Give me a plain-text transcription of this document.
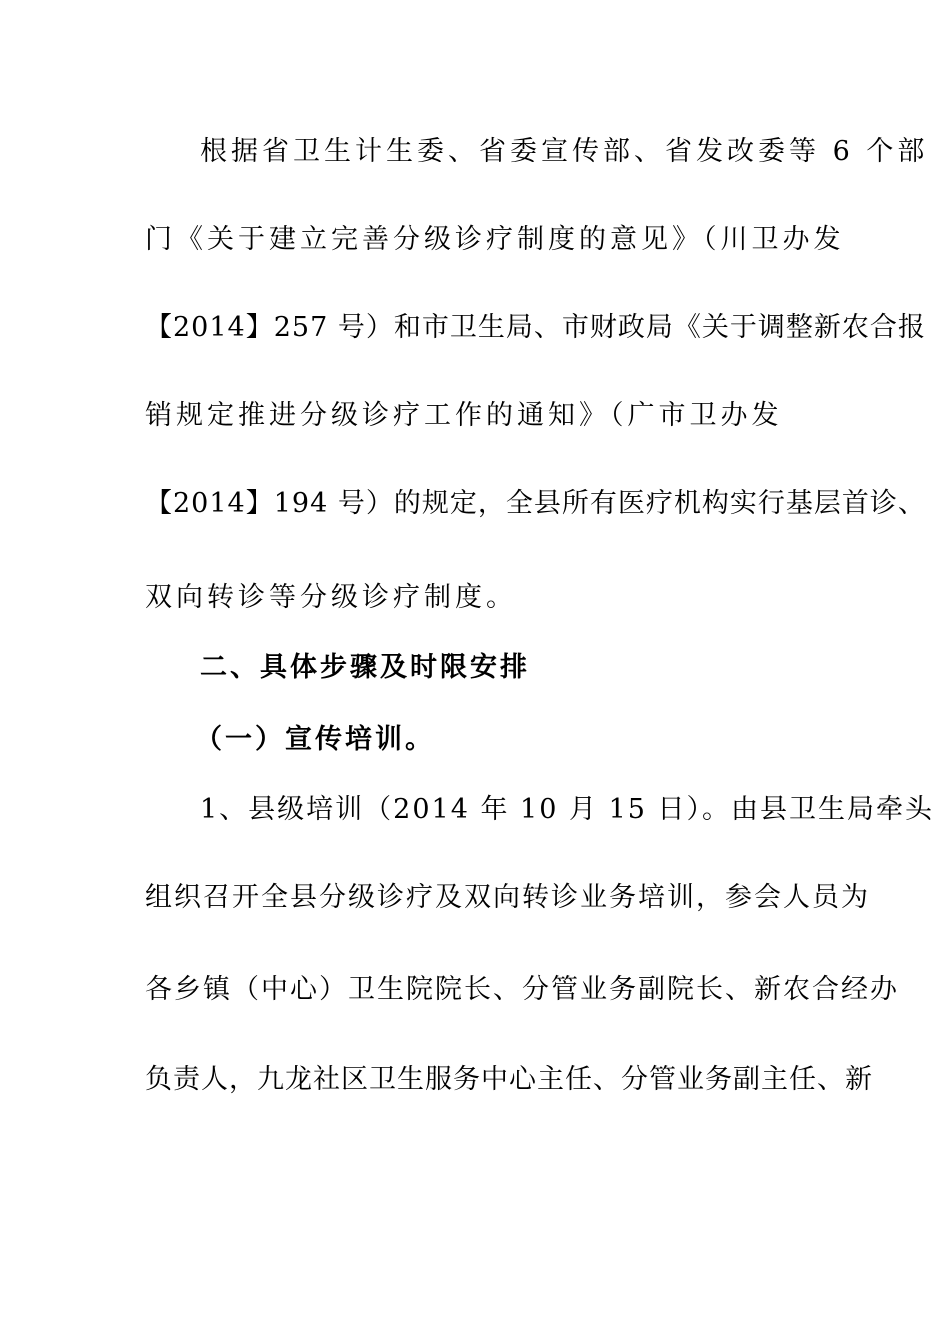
根据省卫生计生委、省委宣传部、省发改委等 6 个部
门《关于建立完善分级诊疗制度的意见》（川卫办发
【2014】257 号）和市卫生局、市财政局《关于调整新农合报
销规定推进分级诊疗工作的通知》（广市卫办发
【2014】194 号）的规定，全县所有医疗机构实行基层首诊、
双向转诊等分级诊疗制度。
二、具体步骤及时限安排
（一）宣传培训。
1、县级培训（2014 年 10 月 15 日）。由县卫生局牵头
组织召开全县分级诊疗及双向转诊业务培训，参会人员为
各乡镇（中心）卫生院院长、分管业务副院长、新农合经办
负责人，九龙社区卫生服务中心主任、分管业务副主任、新
